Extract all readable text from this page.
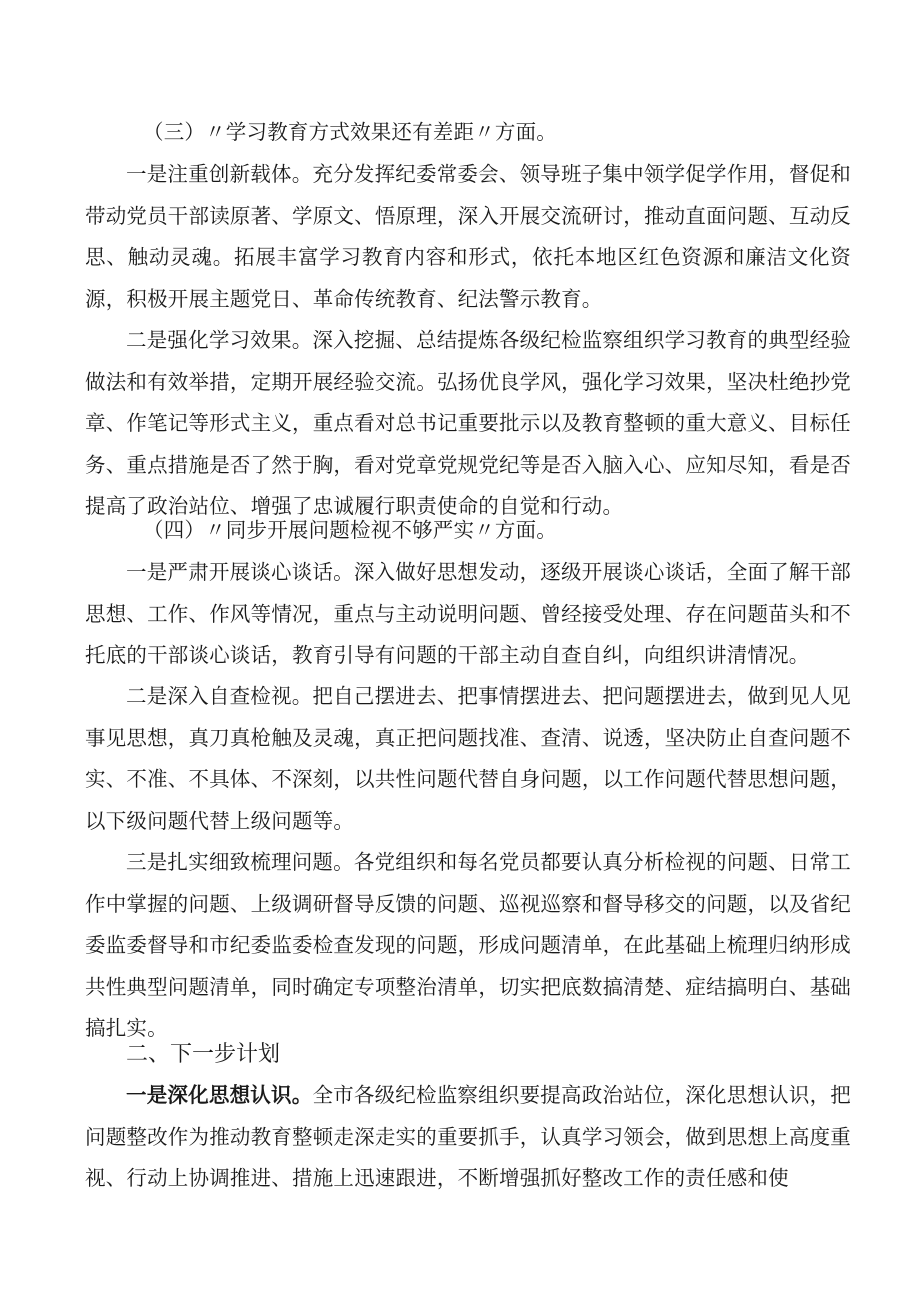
（三）〃学习教育方式效果还有差距〃方面。

一是注重创新载体。充分发挥纪委常委会、领导班子集中领学促学作用，督促和带动党员干部读原著、学原文、悟原理，深入开展交流研讨，推动直面问题、互动反思、触动灵魂。拓展丰富学习教育内容和形式，依托本地区红色资源和廉洁文化资源，积极开展主题党日、革命传统教育、纪法警示教育。

二是强化学习效果。深入挖掘、总结提炼各级纪检监察组织学习教育的典型经验做法和有效举措，定期开展经验交流。弘扬优良学风，强化学习效果，坚决杜绝抄党章、作笔记等形式主义，重点看对总书记重要批示以及教育整顿的重大意义、目标任务、重点措施是否了然于胸，看对党章党规党纪等是否入脑入心、应知尽知，看是否提高了政治站位、增强了忠诚履行职责使命的自觉和行动。

（四）〃同步开展问题检视不够严实〃方面。

一是严肃开展谈心谈话。深入做好思想发动，逐级开展谈心谈话，全面了解干部思想、工作、作风等情况，重点与主动说明问题、曾经接受处理、存在问题苗头和不托底的干部谈心谈话，教育引导有问题的干部主动自查自纠，向组织讲清情况。

二是深入自查检视。把自己摆进去、把事情摆进去、把问题摆进去，做到见人见事见思想，真刀真枪触及灵魂，真正把问题找准、查清、说透，坚决防止自查问题不实、不准、不具体、不深刻，以共性问题代替自身问题，以工作问题代替思想问题，以下级问题代替上级问题等。

三是扎实细致梳理问题。各党组织和每名党员都要认真分析检视的问题、日常工作中掌握的问题、上级调研督导反馈的问题、巡视巡察和督导移交的问题，以及省纪委监委督导和市纪委监委检查发现的问题，形成问题清单，在此基础上梳理归纳形成共性典型问题清单，同时确定专项整治清单，切实把底数搞清楚、症结搞明白、基础搞扎实。

二、下一步计划

一是深化思想认识。全市各级纪检监察组织要提高政治站位，深化思想认识，把问题整改作为推动教育整顿走深走实的重要抓手，认真学习领会，做到思想上高度重视、行动上协调推进、措施上迅速跟进，不断增强抓好整改工作的责任感和使
